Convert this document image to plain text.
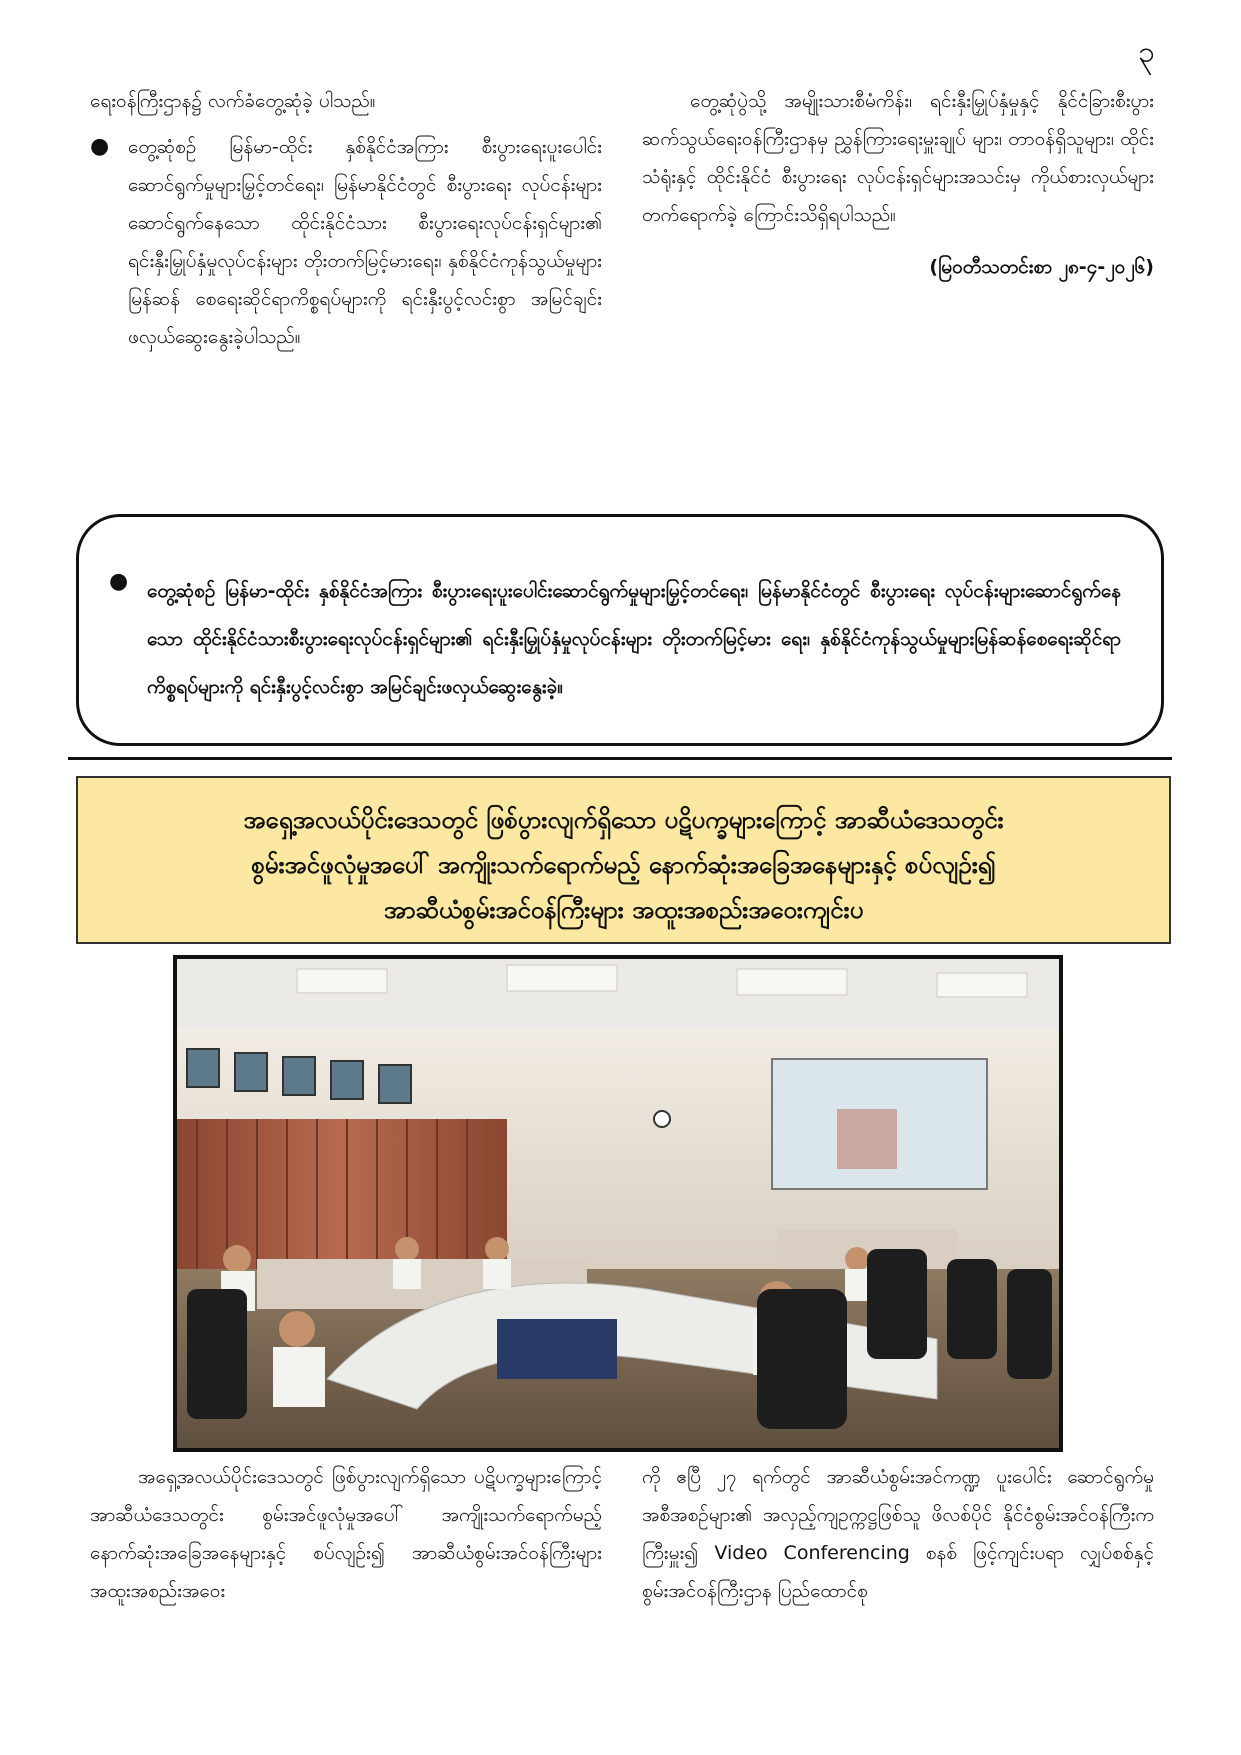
၃

ရေးဝန်ကြီးဌာန၌ လက်ခံတွေ့ဆုံခဲ့ ပါသည်။

● တွေ့ဆုံစဉ် မြန်မာ-ထိုင်း နှစ်နိုင်ငံအကြား စီးပွားရေးပူးပေါင်း ဆောင်ရွက်မှုများမြှင့်တင်ရေး၊ မြန်မာနိုင်ငံတွင် စီးပွားရေး လုပ်ငန်းများ ဆောင်ရွက်နေသော ထိုင်းနိုင်ငံသား စီးပွားရေးလုပ်ငန်းရှင်များ၏ ရင်းနှီးမြှုပ်နှံမှုလုပ်ငန်းများ တိုးတက်မြင့်မားရေး၊ နှစ်နိုင်ငံကုန်သွယ်မှုများ မြန်ဆန် စေရေးဆိုင်ရာကိစ္စရပ်များကို ရင်းနှီးပွင့်လင်းစွာ အမြင်ချင်း ဖလှယ်ဆွေးနွေးခဲ့ပါသည်။

တွေ့ဆုံပွဲသို့ အမျိုးသားစီမံကိန်း၊ ရင်းနှီးမြှုပ်နှံမှုနှင့် နိုင်ငံခြားစီးပွားဆက်သွယ်ရေးဝန်ကြီးဌာနမှ ညွှန်ကြားရေးမှူးချုပ် များ၊ တာဝန်ရှိသူများ၊ ထိုင်းသံရုံးနှင့် ထိုင်းနိုင်ငံ စီးပွားရေး လုပ်ငန်းရှင်များအသင်းမှ ကိုယ်စားလှယ်များ တက်ရောက်ခဲ့ ကြောင်းသိရှိရပါသည်။

(မြဝတီသတင်းစာ ၂၈-၄-၂၀၂၆)

● တွေ့ဆုံစဉ် မြန်မာ-ထိုင်း နှစ်နိုင်ငံအကြား စီးပွားရေးပူးပေါင်းဆောင်ရွက်မှုများမြှင့်တင်ရေး၊ မြန်မာနိုင်ငံတွင် စီးပွားရေး လုပ်ငန်းများဆောင်ရွက်နေသော ထိုင်းနိုင်ငံသားစီးပွားရေးလုပ်ငန်းရှင်များ၏ ရင်းနှီးမြှုပ်နှံမှုလုပ်ငန်းများ တိုးတက်မြင့်မား ရေး၊ နှစ်နိုင်ငံကုန်သွယ်မှုများမြန်ဆန်စေရေးဆိုင်ရာကိစ္စရပ်များကို ရင်းနှီးပွင့်လင်းစွာ အမြင်ချင်းဖလှယ်ဆွေးနွေးခဲ့။

အရှေ့အလယ်ပိုင်းဒေသတွင် ဖြစ်ပွားလျက်ရှိသော ပဋိပက္ခများကြောင့် အာဆီယံဒေသတွင်း

စွမ်းအင်ဖူလုံမှုအပေါ် အကျိုးသက်ရောက်မည့် နောက်ဆုံးအခြေအနေများနှင့် စပ်လျဉ်း၍

အာဆီယံစွမ်းအင်ဝန်ကြီးများ အထူးအစည်းအဝေးကျင်းပ

အရှေ့အလယ်ပိုင်းဒေသတွင် ဖြစ်ပွားလျက်ရှိသော ပဋိပက္ခများကြောင့် အာဆီယံဒေသတွင်း စွမ်းအင်ဖူလုံမှုအပေါ် အကျိုးသက်ရောက်မည့် နောက်ဆုံးအခြေအနေများနှင့် စပ်လျဉ်း၍ အာဆီယံစွမ်းအင်ဝန်ကြီးများ အထူးအစည်းအဝေး

ကို ဧပြီ ၂၇ ရက်တွင် အာဆီယံစွမ်းအင်ကဏ္ဍ ပူးပေါင်း ဆောင်ရွက်မှုအစီအစဉ်များ၏ အလှည့်ကျဥက္ကဋ္ဌဖြစ်သူ ဖိလစ်ပိုင် နိုင်ငံစွမ်းအင်ဝန်ကြီးကကြီးမှူး၍ Video Conferencing စနစ် ဖြင့်ကျင်းပရာ လျှပ်စစ်နှင့်စွမ်းအင်ဝန်ကြီးဌာန ပြည်ထောင်စု
